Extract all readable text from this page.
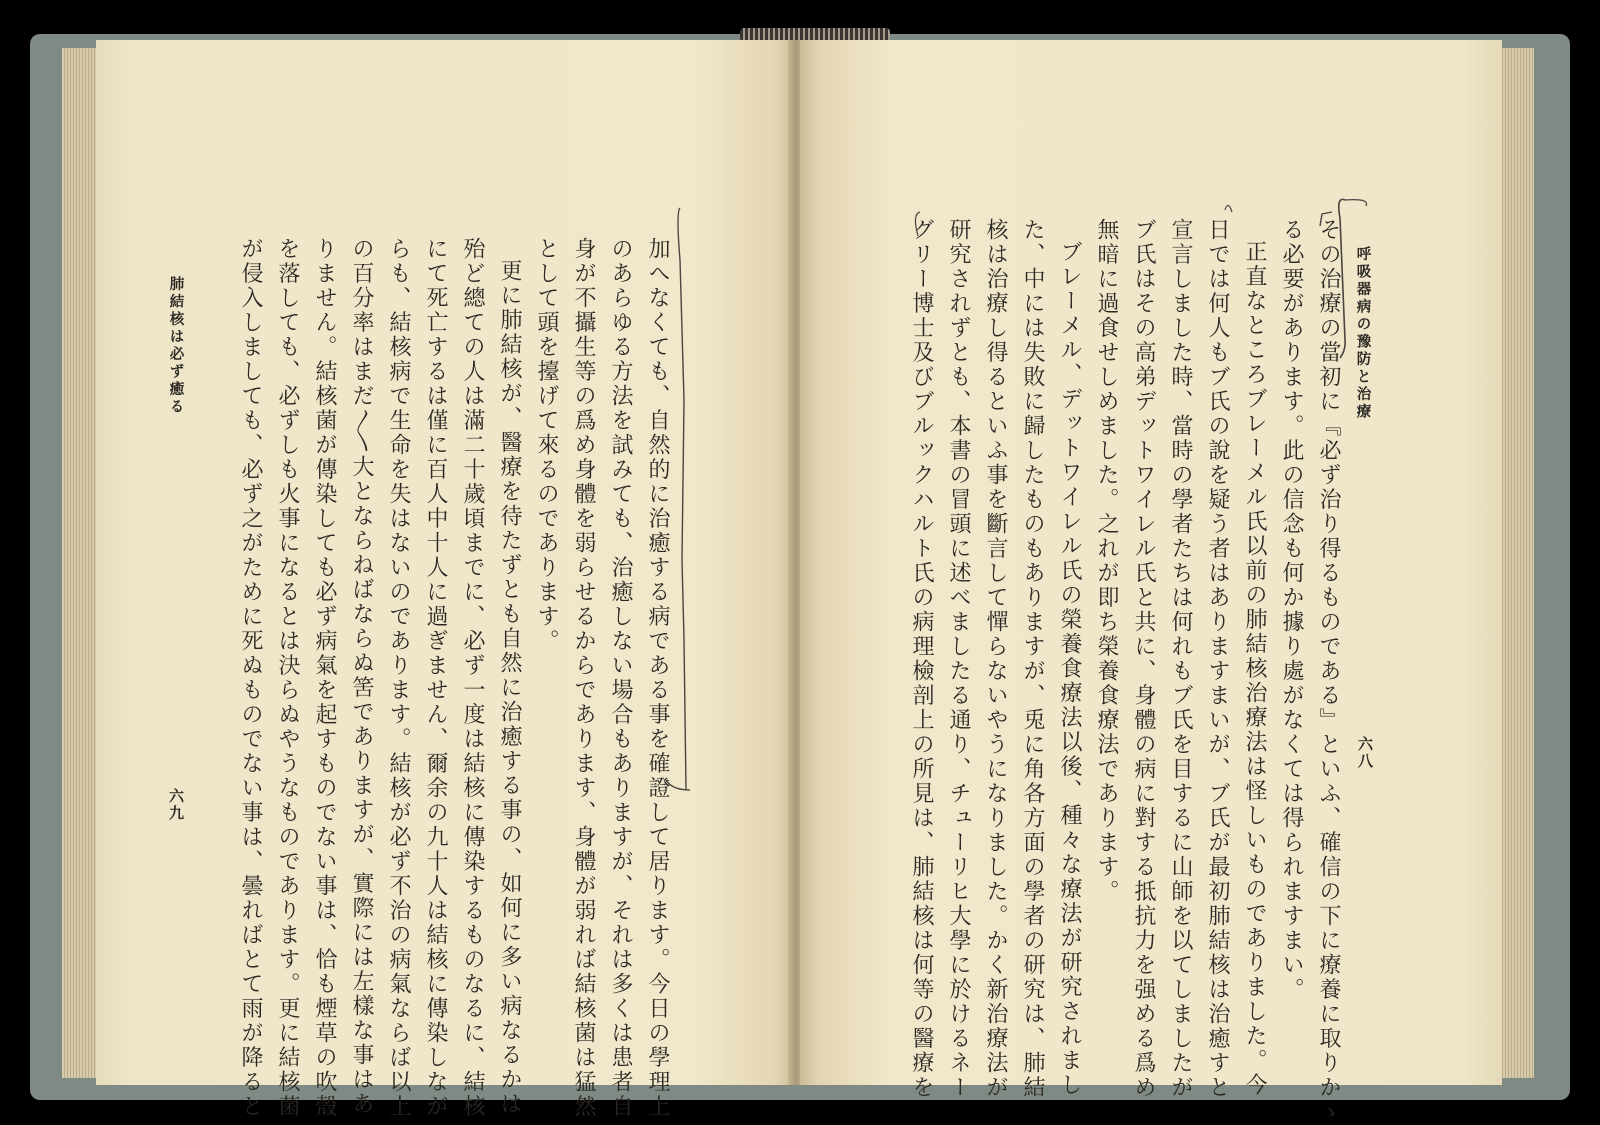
肺結核は必ず癒る
六九	加へなくても、自然的に治癒する病である事を確證して居ります。今日の學理上
のあらゆる方法を試みても、治癒しない場合もありますが、それは多くは患者自
身が不攝生等の爲め身體を弱らせるからであります、身體が弱れば結核菌は猛然
として頭を擡げて來るのであります。
更に肺結核が、醫療を待たずとも自然に治癒する事の、如何に多い病なるかは
殆ど總ての人は滿二十歲頃までに、必ず一度は結核に傳染するものなるに、結核
にて死亡するは僅に百人中十人に過ぎません、爾余の九十人は結核に傳染しなが
らも、結核病で生命を失はないのであります。結核が必ず不治の病氣ならば以上
の百分率はまだ〳〵大とならねばならぬ筈でありますが、實際には左樣な事はあ
りません。結核菌が傳染しても必ず病氣を起すものでない事は、恰も煙草の吹殼
を落しても、必ずしも火事になるとは決らぬやうなものであります。更に結核菌
が侵入しましても、必ず之がために死ぬものでない事は、曇ればとて雨が降ると	呼吸器病の豫防と治療
六八
その治療の當初に『必ず治り得るものである』といふ、確信の下に療養に取りかゝ
る必要があります。此の信念も何か據り處がなくては得られますまい。
正直なところブレーメル氏以前の肺結核治療法は怪しいものでありました。今
日では何人もブ氏の說を疑う者はありますまいが、ブ氏が最初肺結核は治癒すと
宣言しました時、當時の學者たちは何れもブ氏を目するに山師を以てしましたが
ブ氏はその高弟デットワイレル氏と共に、身體の病に對する抵抗力を强める爲め
無暗に過食せしめました。之れが即ち榮養食療法であります。
ブレーメル、デットワイレル氏の榮養食療法以後、種々な療法が研究されまし
た、中には失敗に歸したものもありますが、兎に角各方面の學者の研究は、肺結
核は治療し得るといふ事を斷言して憚らないやうになりました。かく新治療法が
研究されずとも、本書の冒頭に述べましたる通り、チューリヒ大學に於けるネー
グリー博士及びブルックハルト氏の病理檢剖上の所見は、肺結核は何等の醫療を
